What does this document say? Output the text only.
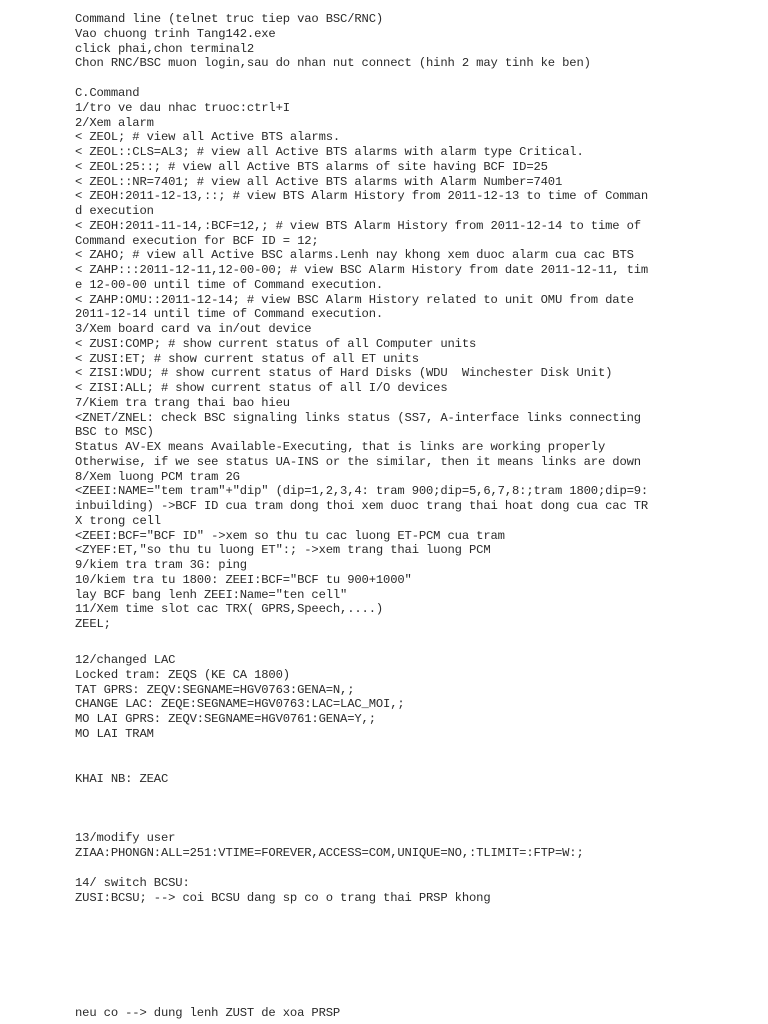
Command line (telnet truc tiep vao BSC/RNC)
Vao chuong trinh Tang142.exe
click phai,chon terminal2
Chon RNC/BSC muon login,sau do nhan nut connect (hinh 2 may tinh ke ben)
C.Command
1/tro ve dau nhac truoc:ctrl+I
2/Xem alarm
< ZEOL; # view all Active BTS alarms.
< ZEOL::CLS=AL3; # view all Active BTS alarms with alarm type Critical.
< ZEOL:25::; # view all Active BTS alarms of site having BCF ID=25
< ZEOL::NR=7401; # view all Active BTS alarms with Alarm Number=7401
< ZEOH:2011-12-13,::; # view BTS Alarm History from 2011-12-13 to time of Comman
d execution
< ZEOH:2011-11-14,:BCF=12,; # view BTS Alarm History from 2011-12-14 to time of
Command execution for BCF ID = 12;
< ZAHO; # view all Active BSC alarms.Lenh nay khong xem duoc alarm cua cac BTS
< ZAHP:::2011-12-11,12-00-00; # view BSC Alarm History from date 2011-12-11, tim
e 12-00-00 until time of Command execution.
< ZAHP:OMU::2011-12-14; # view BSC Alarm History related to unit OMU from date
2011-12-14 until time of Command execution.
3/Xem board card va in/out device
< ZUSI:COMP; # show current status of all Computer units
< ZUSI:ET; # show current status of all ET units
< ZISI:WDU; # show current status of Hard Disks (WDU  Winchester Disk Unit)
< ZISI:ALL; # show current status of all I/O devices
7/Kiem tra trang thai bao hieu
<ZNET/ZNEL: check BSC signaling links status (SS7, A-interface links connecting
BSC to MSC)
Status AV-EX means Available-Executing, that is links are working properly
Otherwise, if we see status UA-INS or the similar, then it means links are down
8/Xem luong PCM tram 2G
<ZEEI:NAME="tem tram"+"dip" (dip=1,2,3,4: tram 900;dip=5,6,7,8:;tram 1800;dip=9:
inbuilding) ->BCF ID cua tram dong thoi xem duoc trang thai hoat dong cua cac TR
X trong cell
<ZEEI:BCF="BCF ID" ->xem so thu tu cac luong ET-PCM cua tram
<ZYEF:ET,"so thu tu luong ET":; ->xem trang thai luong PCM
9/kiem tra tram 3G: ping
10/kiem tra tu 1800: ZEEI:BCF="BCF tu 900+1000"
lay BCF bang lenh ZEEI:Name="ten cell"
11/Xem time slot cac TRX( GPRS,Speech,....)
ZEEL;
12/changed LAC
Locked tram: ZEQS (KE CA 1800)
TAT GPRS: ZEQV:SEGNAME=HGV0763:GENA=N,;
CHANGE LAC: ZEQE:SEGNAME=HGV0763:LAC=LAC_MOI,;
MO LAI GPRS: ZEQV:SEGNAME=HGV0761:GENA=Y,;
MO LAI TRAM
KHAI NB: ZEAC
13/modify user
ZIAA:PHONGN:ALL=251:VTIME=FOREVER,ACCESS=COM,UNIQUE=NO,:TLIMIT=:FTP=W:;
14/ switch BCSU:
ZUSI:BCSU; --> coi BCSU dang sp co o trang thai PRSP khong
neu co --> dung lenh ZUST de xoa PRSP
